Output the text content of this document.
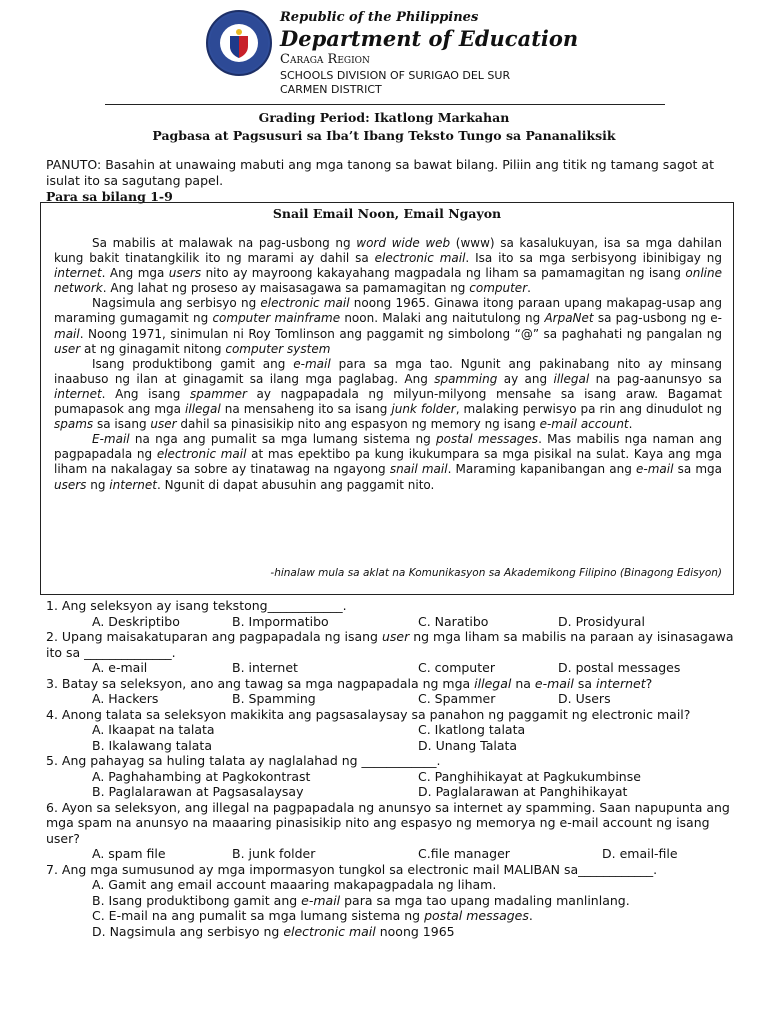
Republic of the Philippines
Department of Education
Caraga Region
SCHOOLS DIVISION OF SURIGAO DEL SUR
CARMEN DISTRICT
Grading Period: Ikatlong Markahan
Pagbasa at Pagsusuri sa Iba’t Ibang Teksto Tungo sa Pananaliksik
PANUTO: Basahin at unawaing mabuti ang mga tanong sa bawat bilang. Piliin ang titik ng tamang sagot at isulat ito sa sagutang papel.
Para sa bilang 1-9
Snail Email Noon, Email Ngayon

Sa mabilis at malawak na pag-usbong ng word wide web (www) sa kasalukuyan, isa sa mga dahilan kung bakit tinatangkilik ito ng marami ay dahil sa electronic mail. Isa ito sa mga serbisyong ibinibigay ng internet. Ang mga users nito ay mayroong kakayahang magpadala ng liham sa pamamagitan ng isang online network. Ang lahat ng proseso ay maisasagawa sa pamamagitan ng computer.

Nagsimula ang serbisyo ng electronic mail noong 1965. Ginawa itong paraan upang makapag-usap ang maraming gumagamit ng computer mainframe noon. Malaki ang naitutulong ng ArpaNet sa pag-usbong ng e-mail. Noong 1971, sinimulan ni Roy Tomlinson ang paggamit ng simbolong “@” sa paghahati ng pangalan ng user at ng ginagamit nitong computer system

Isang produktibong gamit ang e-mail para sa mga tao. Ngunit ang pakinabang nito ay minsang inaabuso ng ilan at ginagamit sa ilang mga paglabag. Ang spamming ay ang illegal na pag-aanunsyo sa internet. Ang isang spammer ay nagpapadala ng milyun-milyong mensahe sa isang araw. Bagamat pumapasok ang mga illegal na mensaheng ito sa isang junk folder, malaking perwisyo pa rin ang dinudulot ng spams sa isang user dahil sa pinasisikip nito ang espasyon ng memory ng isang e-mail account.

E-mail na nga ang pumalit sa mga lumang sistema ng postal messages. Mas mabilis nga naman ang pagpapadala ng electronic mail at mas epektibo pa kung ikukumpara sa mga pisikal na sulat. Kaya ang mga liham na nakalagay sa sobre ay tinatawag na ngayong snail mail. Maraming kapanibangan ang e-mail sa mga users ng internet. Ngunit di dapat abusuhin ang paggamit nito.

-hinalaw mula sa aklat na Komunikasyon sa Akademikong Filipino (Binagong Edisyon)
1. Ang seleksyon ay isang tekstong____________.
A. Deskriptibo	B. Impormatibo	C. Naratibo	D. Prosidyural
2. Upang maisakatuparan ang pagpapadala ng isang user ng mga liham sa mabilis na paraan ay isinasagawa ito sa ______________.
A. e-mail	B. internet	C. computer	D. postal messages
3. Batay sa seleksyon, ano ang tawag sa mga nagpapadala ng mga illegal na e-mail sa internet?
A. Hackers	B. Spamming	C. Spammer	D. Users
4. Anong talata sa seleksyon makikita ang pagsasalaysay sa panahon ng paggamit ng electronic mail?
A. Ikaapat na talata	C. Ikatlong talata
B. Ikalawang talata	D. Unang Talata
5. Ang pahayag sa huling talata ay naglalahad ng ____________.
A. Paghahambing at Pagkokontrast	C. Panghihikayat at Pagkukumbinse
B. Paglalarawan at Pagsasalaysay	D. Paglalarawan at Panghihikayat
6. Ayon sa seleksyon, ang illegal na pagpapadala ng anunsyo sa internet ay spamming. Saan napupunta ang mga spam na anunsyo na maaaring pinasisikip nito ang espasyo ng memorya ng e-mail account ng isang user?
A. spam file	B. junk folder	C.file manager	D. email-file
7. Ang mga sumusunod ay mga impormasyon tungkol sa electronic mail MALIBAN sa____________.
A. Gamit ang email account maaaring makapagpadala ng liham.
B. Isang produktibong gamit ang e-mail para sa mga tao upang madaling manlinlang.
C. E-mail na ang pumalit sa mga lumang sistema ng postal messages.
D. Nagsimula ang serbisyo ng electronic mail noong 1965
